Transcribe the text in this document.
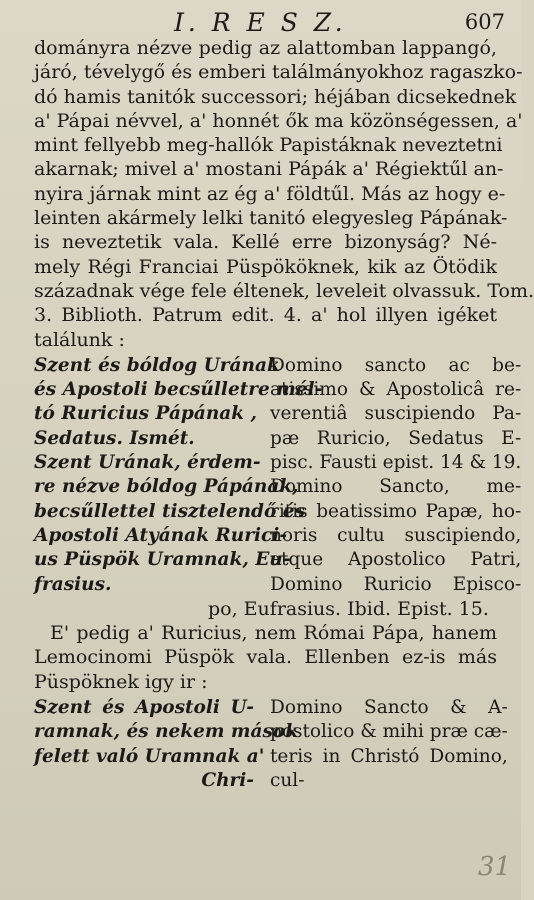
I. R E S Z.	607
dományra nézve pedig az alattomban lappangó,
járó, tévelygő és emberi találmányokhoz ragaszko-
dó hamis tanitók successori; héjában dicsekednek
a' Pápai névvel, a' honnét ők ma közönségessen, a'
mint fellyebb meg-hallók Papistáknak neveztetni
akarnak; mivel a' mostani Pápák a' Régiektűl an-
nyira járnak mint az ég a' földtűl. Más az hogy e-
leinten akármely lelki tanitó elegyesleg Pápának-
is neveztetik vala. Kellé erre bizonyság? Né-
mely Régi Franciai Püspököknek, kik az Ötödik
századnak vége fele éltenek, leveleit olvassuk. Tom.
3. Biblioth. Patrum edit. 4. a' hol illyen igéket
találunk :
Szent és bóldog Urának
és Apostoli becsűlletre mél-
tó Ruricius Pápának ,
Sedatus. Ismét.
Szent Urának, érdem-
re nézve bóldog Pápának,
becsűllettel tisztelendő és
Apostoli Atyának Rurici-
us Püspök Uramnak, Eu-
frasius.
Domino sancto ac be-
atissimo & Apostolicâ re-
verentiâ suscipiendo Pa-
pæ Ruricio, Sedatus E-
pisc. Fausti epist. 14 & 19.
Domino Sancto, me-
ritis beatissimo Papæ, ho-
noris cultu suscipiendo,
atque Apostolico Patri,
Domino Ruricio Episco-
po, Eufrasius. Ibid. Epist. 15.
E' pedig a' Ruricius, nem Római Pápa, hanem
Lemocinomi Püspök vala. Ellenben ez-is más
Püspöknek igy ir :
Szent és Apostoli U-
ramnak, és nekem mások
felett való Uramnak a'
Chri-
Domino Sancto & A-
postolico & mihi præ cæ-
teris in Christó Domino,
cul-
31
